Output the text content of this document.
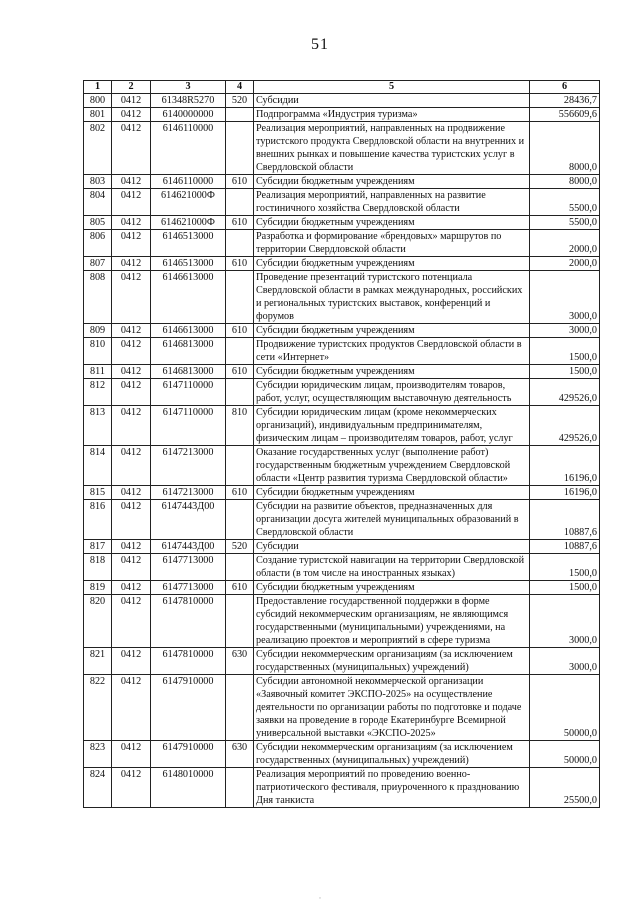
51
1	2	3	4	5	6
800	0412	61348R5270	520	Субсидии	28436,7
801	0412	6140000000		Подпрограмма «Индустрия туризма»	556609,6
802	0412	6146110000		Реализация мероприятий, направленных на продвижение туристского продукта Свердловской области на внутренних и внешних рынках и повышение качества туристских услуг в Свердловской области	8000,0
803	0412	6146110000	610	Субсидии бюджетным учреждениям	8000,0
804	0412	614621000Ф		Реализация мероприятий, направленных на развитие гостиничного хозяйства Свердловской области	5500,0
805	0412	614621000Ф	610	Субсидии бюджетным учреждениям	5500,0
806	0412	6146513000		Разработка и формирование «брендовых» маршрутов по территории Свердловской области	2000,0
807	0412	6146513000	610	Субсидии бюджетным учреждениям	2000,0
808	0412	6146613000		Проведение презентаций туристского потенциала Свердловской области в рамках международных, российских и региональных туристских выставок, конференций и форумов	3000,0
809	0412	6146613000	610	Субсидии бюджетным учреждениям	3000,0
810	0412	6146813000		Продвижение туристских продуктов Свердловской области в сети «Интернет»	1500,0
811	0412	6146813000	610	Субсидии бюджетным учреждениям	1500,0
812	0412	6147110000		Субсидии юридическим лицам, производителям товаров, работ, услуг, осуществляющим выставочную деятельность	429526,0
813	0412	6147110000	810	Субсидии юридическим лицам (кроме некоммерческих организаций), индивидуальным предпринимателям, физическим лицам – производителям товаров, работ, услуг	429526,0
814	0412	6147213000		Оказание государственных услуг (выполнение работ) государственным бюджетным учреждением Свердловской области «Центр развития туризма Свердловской области»	16196,0
815	0412	6147213000	610	Субсидии бюджетным учреждениям	16196,0
816	0412	6147443Д00		Субсидии на развитие объектов, предназначенных для организации досуга жителей муниципальных образований в Свердловской области	10887,6
817	0412	6147443Д00	520	Субсидии	10887,6
818	0412	6147713000		Создание туристской навигации на территории Свердловской области (в том числе на иностранных языках)	1500,0
819	0412	6147713000	610	Субсидии бюджетным учреждениям	1500,0
820	0412	6147810000		Предоставление государственной поддержки в форме субсидий некоммерческим организациям, не являющимся государственными (муниципальными) учреждениями, на реализацию проектов и мероприятий в сфере туризма	3000,0
821	0412	6147810000	630	Субсидии некоммерческим организациям (за исключением государственных (муниципальных) учреждений)	3000,0
822	0412	6147910000		Субсидии автономной некоммерческой организации «Заявочный комитет ЭКСПО-2025» на осуществление деятельности по организации работы по подготовке и подаче заявки на проведение в городе Екатеринбурге Всемирной универсальной выставки «ЭКСПО-2025»	50000,0
823	0412	6147910000	630	Субсидии некоммерческим организациям (за исключением государственных (муниципальных) учреждений)	50000,0
824	0412	6148010000		Реализация мероприятий по проведению военно-патриотического фестиваля, приуроченного к празднованию Дня танкиста	25500,0
·
